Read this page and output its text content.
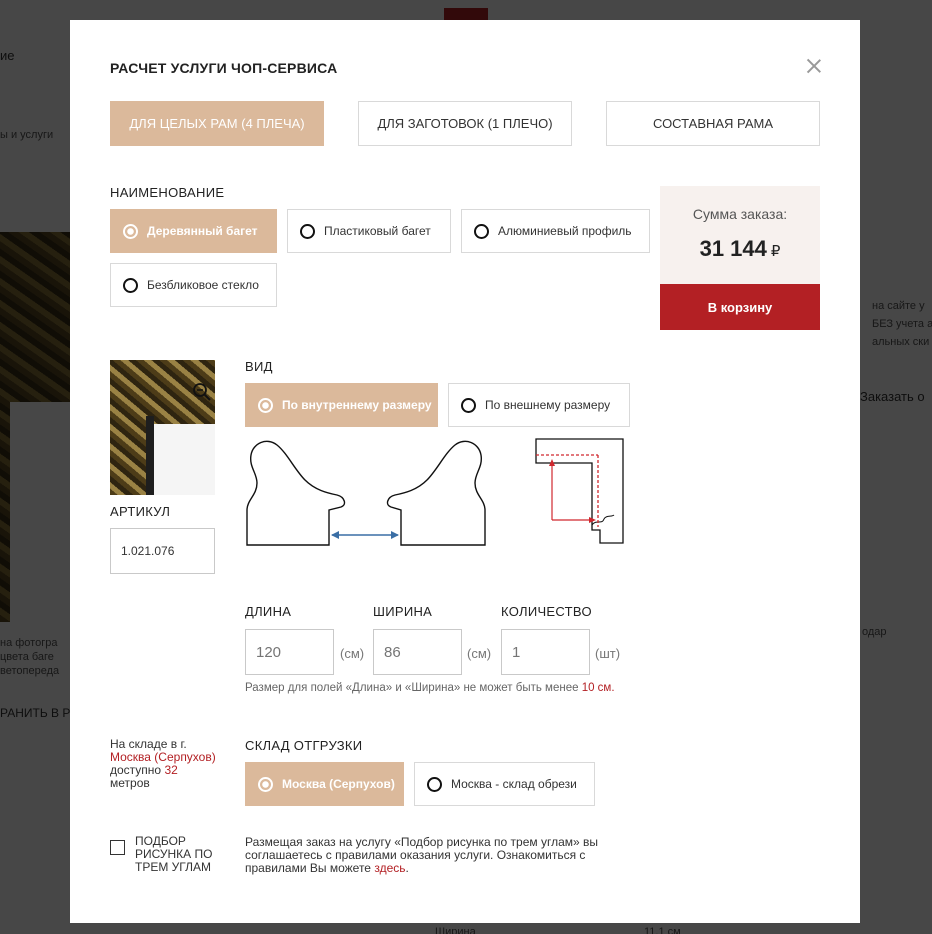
РАСЧЕТ УСЛУГИ ЧОП-СЕРВИСА
ДЛЯ ЦЕЛЫХ РАМ (4 ПЛЕЧА)	ДЛЯ ЗАГОТОВОК (1 ПЛЕЧО)	СОСТАВНАЯ РАМА
НАИМЕНОВАНИЕ
Деревянный багет	Пластиковый багет	Алюминиевый профиль
Безбликовое стекло
Сумма заказа:
31 144 ₽
В корзину
АРТИКУЛ
1.021.076
ВИД
По внутреннему размеру	По внешнему размеру
ДЛИНА
120
(см)
ШИРИНА
86
(см)
КОЛИЧЕСТВО
1
(шт)
Размер для полей «Длина» и «Ширина» не может быть менее 10 см.
На складе в г.
Москва (Серпухов)
доступно 32
метров
СКЛАД ОТГРУЗКИ
Москва (Серпухов)	Москва - склад обрези
ПОДБОР РИСУНКА ПО ТРЕМ УГЛАМ
Размещая заказ на услугу «Подбор рисунка по трем углам» вы соглашаетесь с правилами оказания услуги. Ознакомиться с правилами Вы можете здесь.
